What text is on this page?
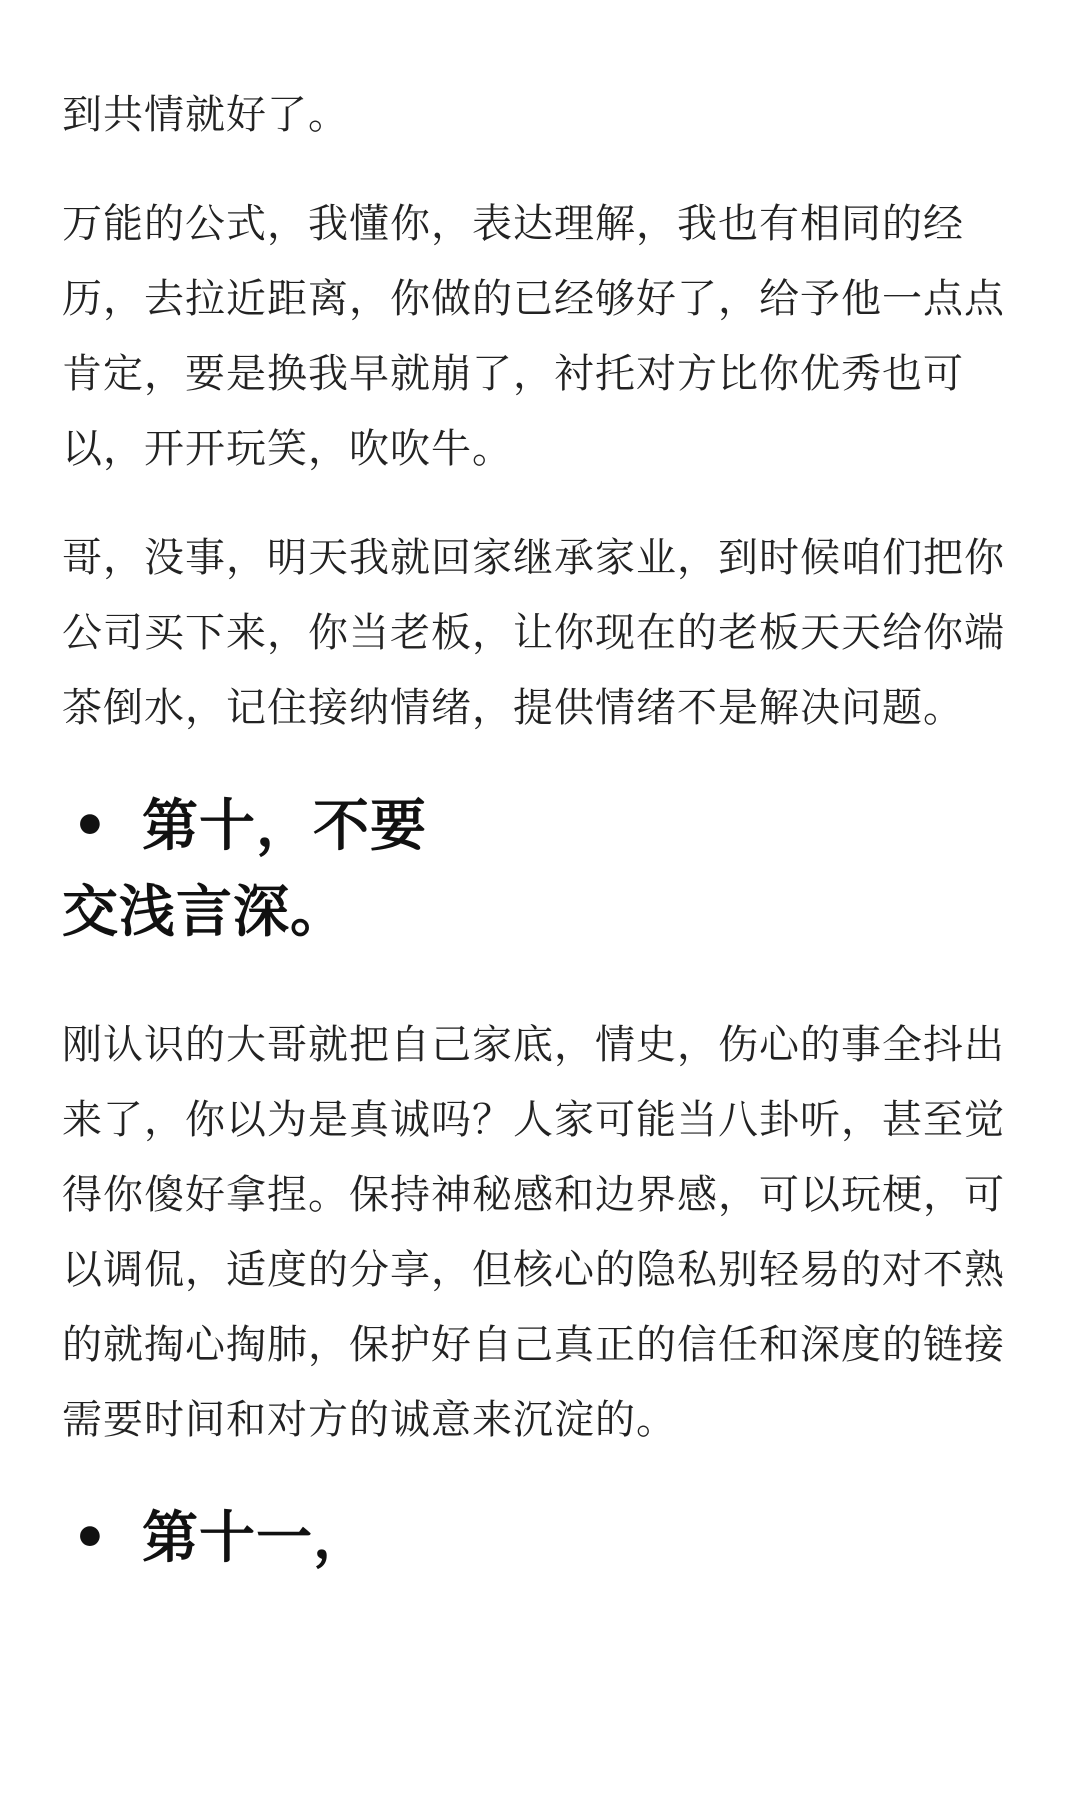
到共情就好了。

万能的公式，我懂你，表达理解，我也有相同的经历，去拉近距离，你做的已经够好了，给予他一点点肯定，要是换我早就崩了，衬托对方比你优秀也可以，开开玩笑，吹吹牛。

哥，没事，明天我就回家继承家业，到时候咱们把你公司买下来，你当老板，让你现在的老板天天给你端茶倒水，记住接纳情绪，提供情绪不是解决问题。

• 第十，不要
交浅言深。

刚认识的大哥就把自己家底，情史，伤心的事全抖出来了，你以为是真诚吗？人家可能当八卦听，甚至觉得你傻好拿捏。保持神秘感和边界感，可以玩梗，可以调侃，适度的分享，但核心的隐私别轻易的对不熟的就掏心掏肺，保护好自己真正的信任和深度的链接需要时间和对方的诚意来沉淀的。

• 第十一，
